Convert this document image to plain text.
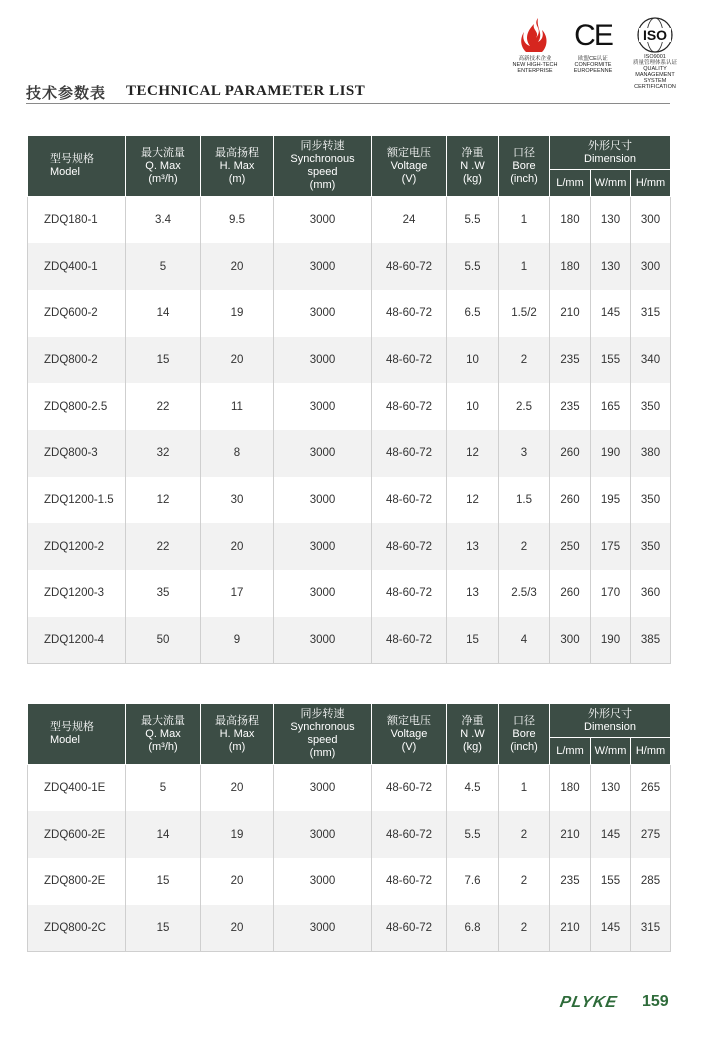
高新技术企业
NEW HIGH-TECH
ENTERPRISE
CE
欧盟CE认证
CONFORMITE
EUROPEENNE
ISO
ISO9001
质量管理体系认证
QUALITY MANAGEMENT
SYSTEM CERTIFICATION
技术参数表 TECHNICAL PARAMETER LIST
型号规格
Model	最大流量
Q. Max
(m³/h)	最高扬程
H. Max
(m)	同步转速
Synchronous speed
(mm)	额定电压
Voltage
(V)	净重
N .W
(kg)	口径
Bore
(inch)	外形尺寸
Dimension		

							L/mm	W/mm	H/mm
ZDQ180-1	3.4	9.5	3000	24	5.5	1	180	130	300
ZDQ400-1	5	20	3000	48-60-72	5.5	1	180	130	300
ZDQ600-2	14	19	3000	48-60-72	6.5	1.5/2	210	145	315
ZDQ800-2	15	20	3000	48-60-72	10	2	235	155	340
ZDQ800-2.5	22	11	3000	48-60-72	10	2.5	235	165	350
ZDQ800-3	32	8	3000	48-60-72	12	3	260	190	380
ZDQ1200-1.5	12	30	3000	48-60-72	12	1.5	260	195	350
ZDQ1200-2	22	20	3000	48-60-72	13	2	250	175	350
ZDQ1200-3	35	17	3000	48-60-72	13	2.5/3	260	170	360
ZDQ1200-4	50	9	3000	48-60-72	15	4	300	190	385
型号规格
Model	最大流量
Q. Max
(m³/h)	最高扬程
H. Max
(m)	同步转速
Synchronous speed
(mm)	额定电压
Voltage
(V)	净重
N .W
(kg)	口径
Bore
(inch)	外形尺寸
Dimension		

							L/mm	W/mm	H/mm
ZDQ400-1E	5	20	3000	48-60-72	4.5	1	180	130	265
ZDQ600-2E	14	19	3000	48-60-72	5.5	2	210	145	275
ZDQ800-2E	15	20	3000	48-60-72	7.6	2	235	155	285
ZDQ800-2C	15	20	3000	48-60-72	6.8	2	210	145	315
PLYKE 159
